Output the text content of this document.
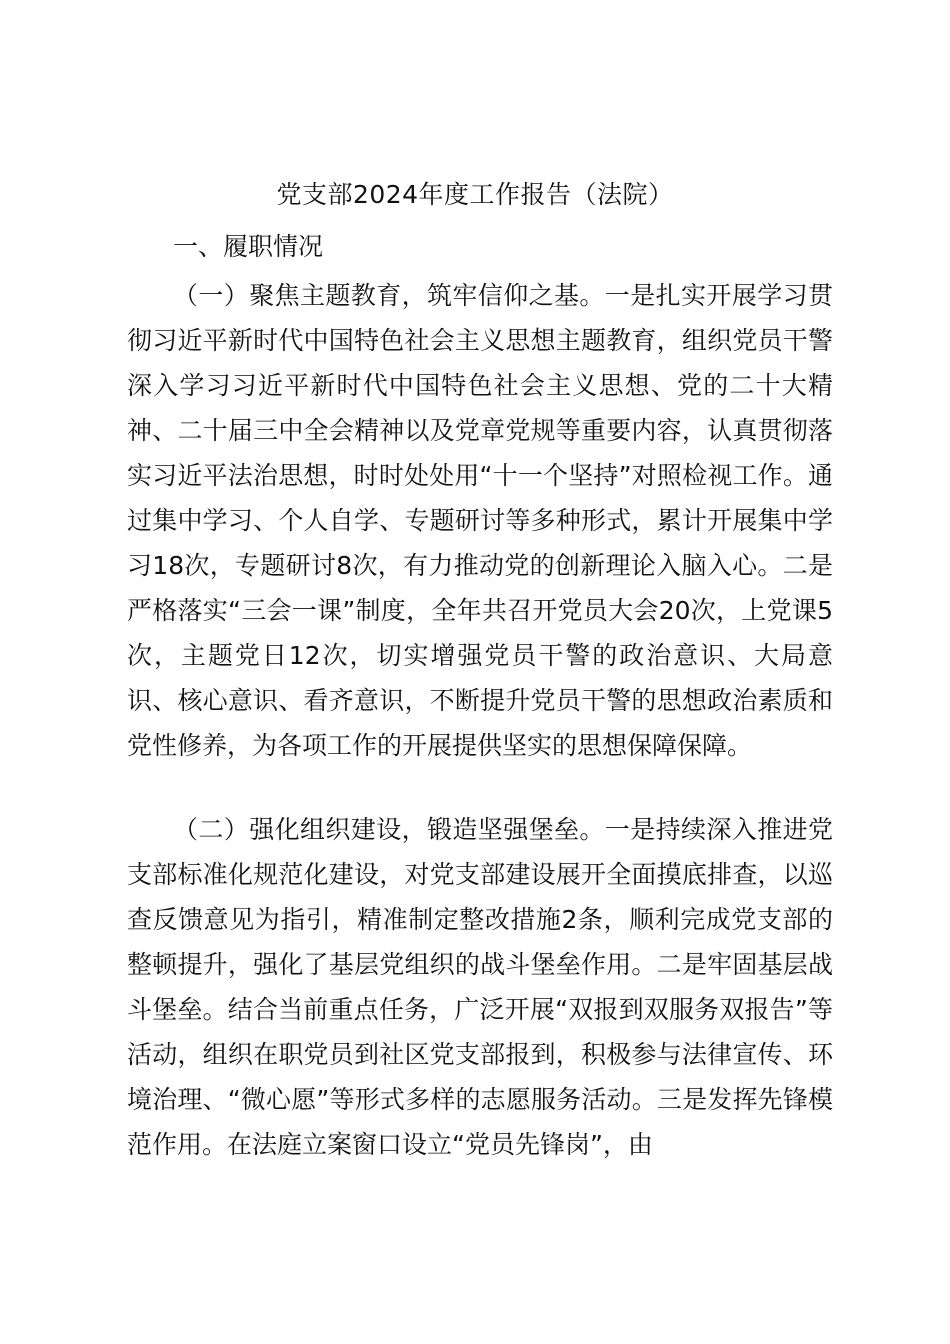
党支部2024年度工作报告（法院）
一、履职情况

（一）聚焦主题教育，筑牢信仰之基。一是扎实开展学习贯彻习近平新时代中国特色社会主义思想主题教育，组织党员干警深入学习习近平新时代中国特色社会主义思想、党的二十大精神、二十届三中全会精神以及党章党规等重要内容，认真贯彻落实习近平法治思想，时时处处用“十一个坚持”对照检视工作。通过集中学习、个人自学、专题研讨等多种形式，累计开展集中学习18次，专题研讨8次，有力推动党的创新理论入脑入心。二是严格落实“三会一课”制度，全年共召开党员大会20次，上党课5次，主题党日12次，切实增强党员干警的政治意识、大局意识、核心意识、看齐意识，不断提升党员干警的思想政治素质和党性修养，为各项工作的开展提供坚实的思想保障保障。

（二）强化组织建设，锻造坚强堡垒。一是持续深入推进党支部标准化规范化建设，对党支部建设展开全面摸底排查，以巡查反馈意见为指引，精准制定整改措施2条，顺利完成党支部的整顿提升，强化了基层党组织的战斗堡垒作用。二是牢固基层战斗堡垒。结合当前重点任务，广泛开展“双报到双服务双报告”等活动，组织在职党员到社区党支部报到，积极参与法律宣传、环境治理、“微心愿”等形式多样的志愿服务活动。三是发挥先锋模范作用。在法庭立案窗口设立“党员先锋岗”，由
